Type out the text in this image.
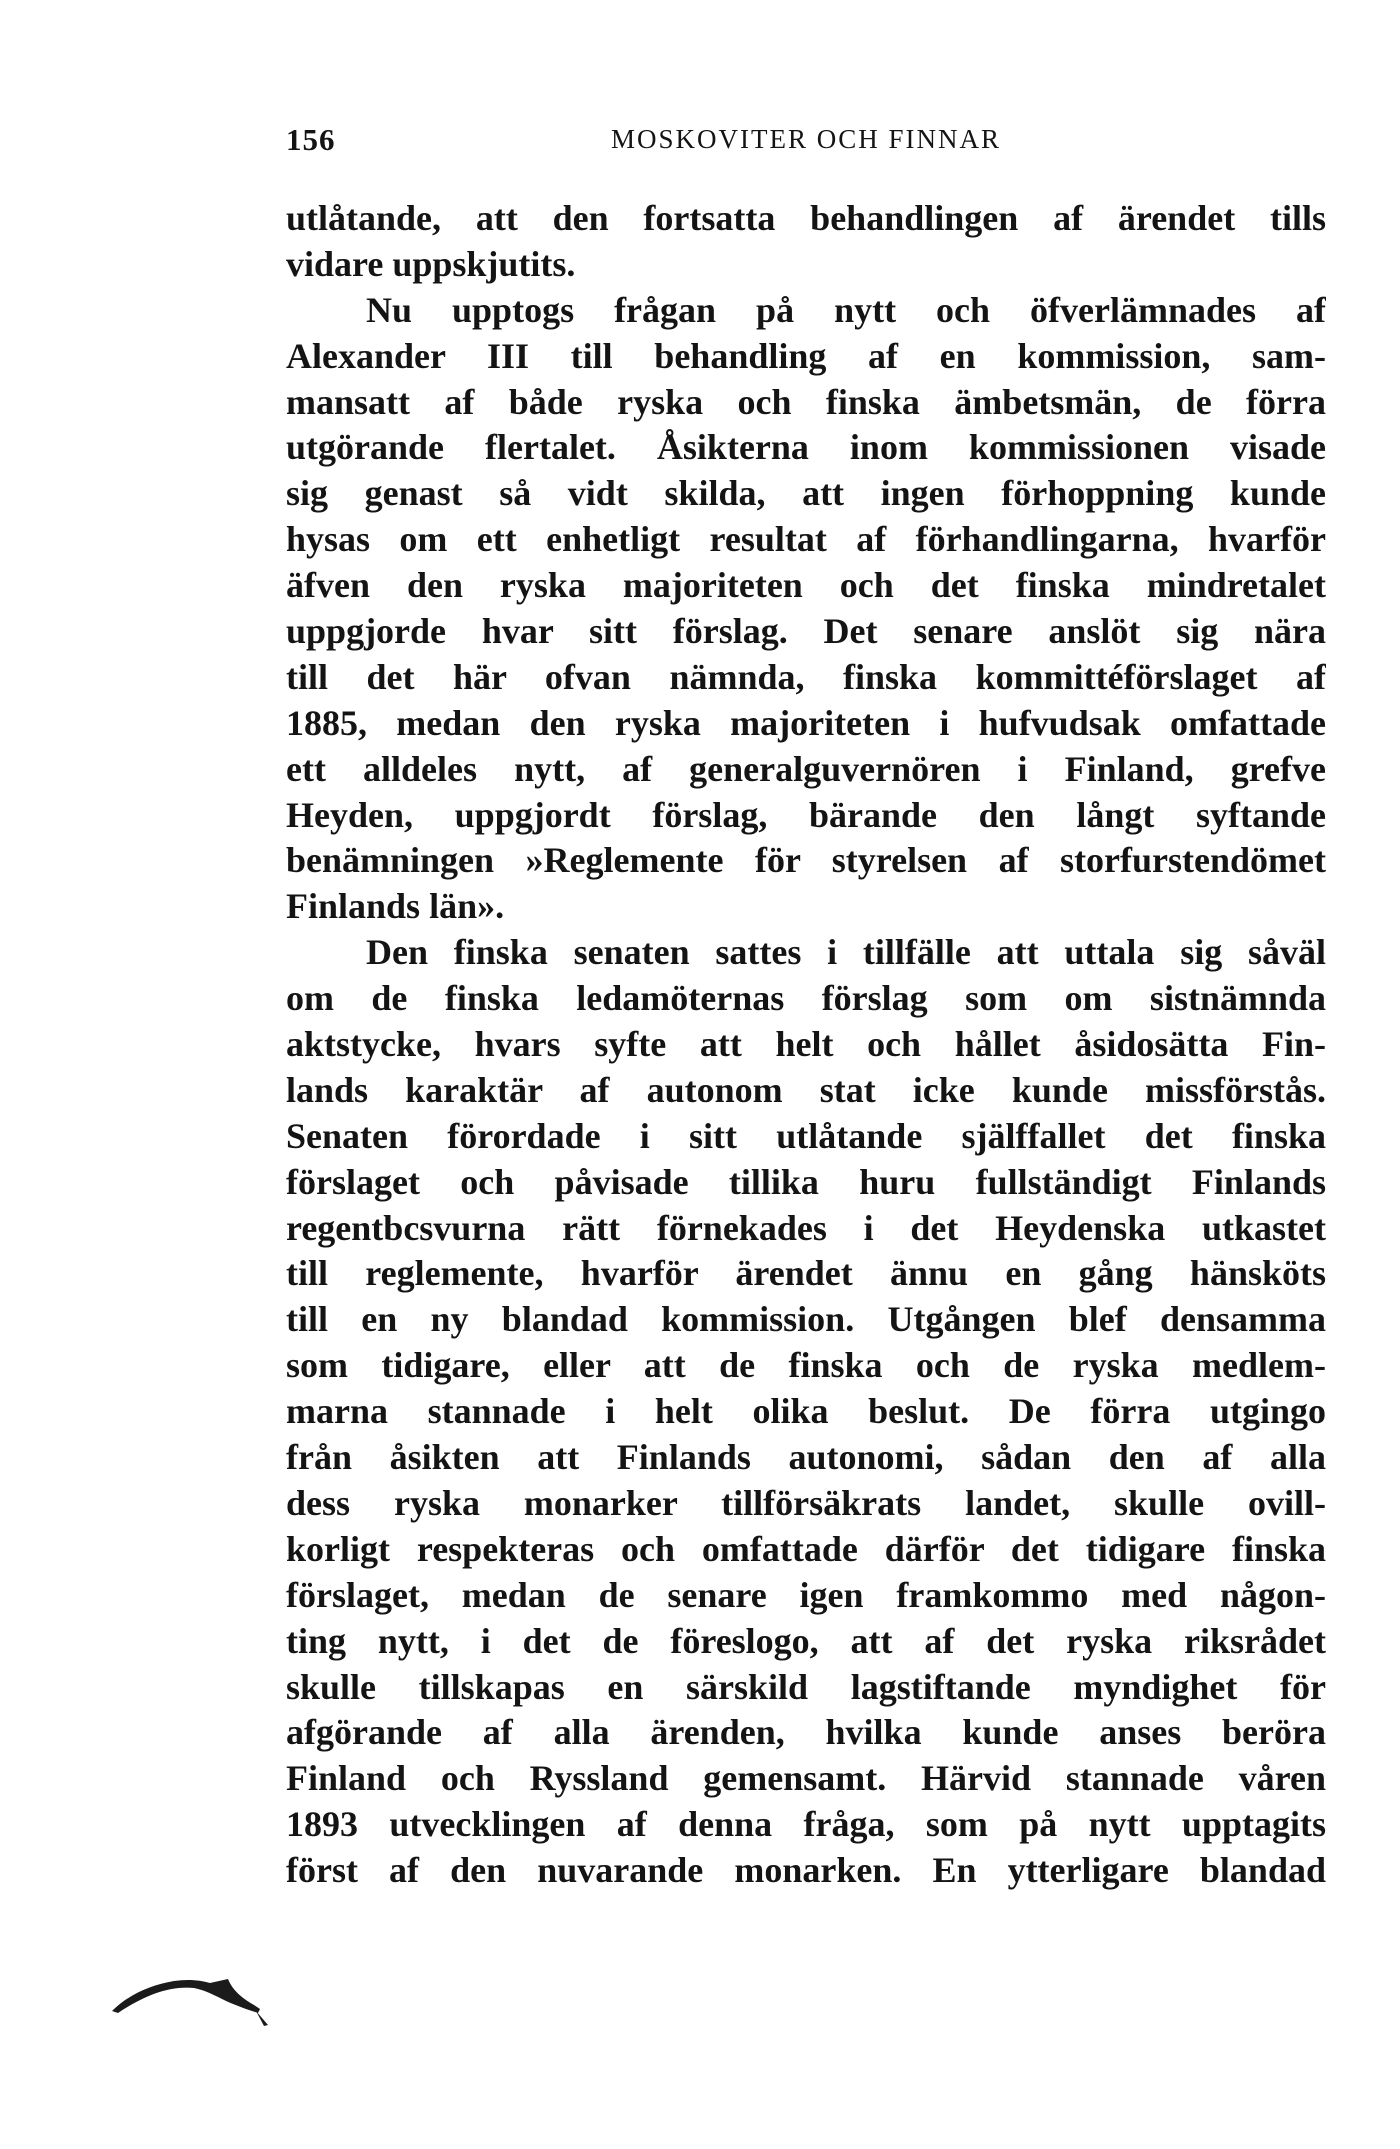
156	MOSKOVITER OCH FINNAR
utlåtande, att den fortsatta behandlingen af ärendet tills
vidare uppskjutits.
Nu upptogs frågan på nytt och öfverlämnades af
Alexander III till behandling af en kommission, sam-
mansatt af både ryska och finska ämbetsmän, de förra
utgörande flertalet. Åsikterna inom kommissionen visade
sig genast så vidt skilda, att ingen förhoppning kunde
hysas om ett enhetligt resultat af förhandlingarna, hvarför
äfven den ryska majoriteten och det finska mindretalet
uppgjorde hvar sitt förslag. Det senare anslöt sig nära
till det här ofvan nämnda, finska kommittéförslaget af
1885, medan den ryska majoriteten i hufvudsak omfattade
ett alldeles nytt, af generalguvernören i Finland, grefve
Heyden, uppgjordt förslag, bärande den långt syftande
benämningen »Reglemente för styrelsen af storfurstendömet
Finlands län».
Den finska senaten sattes i tillfälle att uttala sig såväl
om de finska ledamöternas förslag som om sistnämnda
aktstycke, hvars syfte att helt och hållet åsidosätta Fin-
lands karaktär af autonom stat icke kunde missförstås.
Senaten förordade i sitt utlåtande själffallet det finska
förslaget och påvisade tillika huru fullständigt Finlands
regentbcsvurna rätt förnekades i det Heydenska utkastet
till reglemente, hvarför ärendet ännu en gång hänsköts
till en ny blandad kommission. Utgången blef densamma
som tidigare, eller att de finska och de ryska medlem-
marna stannade i helt olika beslut. De förra utgingo
från åsikten att Finlands autonomi, sådan den af alla
dess ryska monarker tillförsäkrats landet, skulle ovill-
korligt respekteras och omfattade därför det tidigare finska
förslaget, medan de senare igen framkommo med någon-
ting nytt, i det de föreslogo, att af det ryska riksrådet
skulle tillskapas en särskild lagstiftande myndighet för
afgörande af alla ärenden, hvilka kunde anses beröra
Finland och Ryssland gemensamt. Härvid stannade våren
1893 utvecklingen af denna fråga, som på nytt upptagits
först af den nuvarande monarken. En ytterligare blandad
